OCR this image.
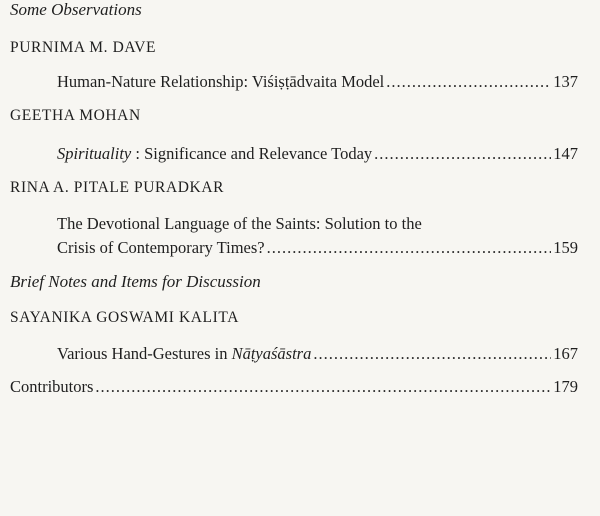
Some Observations
PURNIMA M. DAVE
Human-Nature Relationship: Viśiṣṭādvaita Model .....	137
GEETHA MOHAN
Spirituality : Significance and Relevance Today .....	147
RINA A. PITALE PURADKAR
The Devotional Language of the Saints: Solution to the
Crisis of Contemporary Times? .....	159
Brief Notes and Items for Discussion
SAYANIKA GOSWAMI KALITA
Various Hand-Gestures in Nāṭyaśāstra .....	167
Contributors .....	179
